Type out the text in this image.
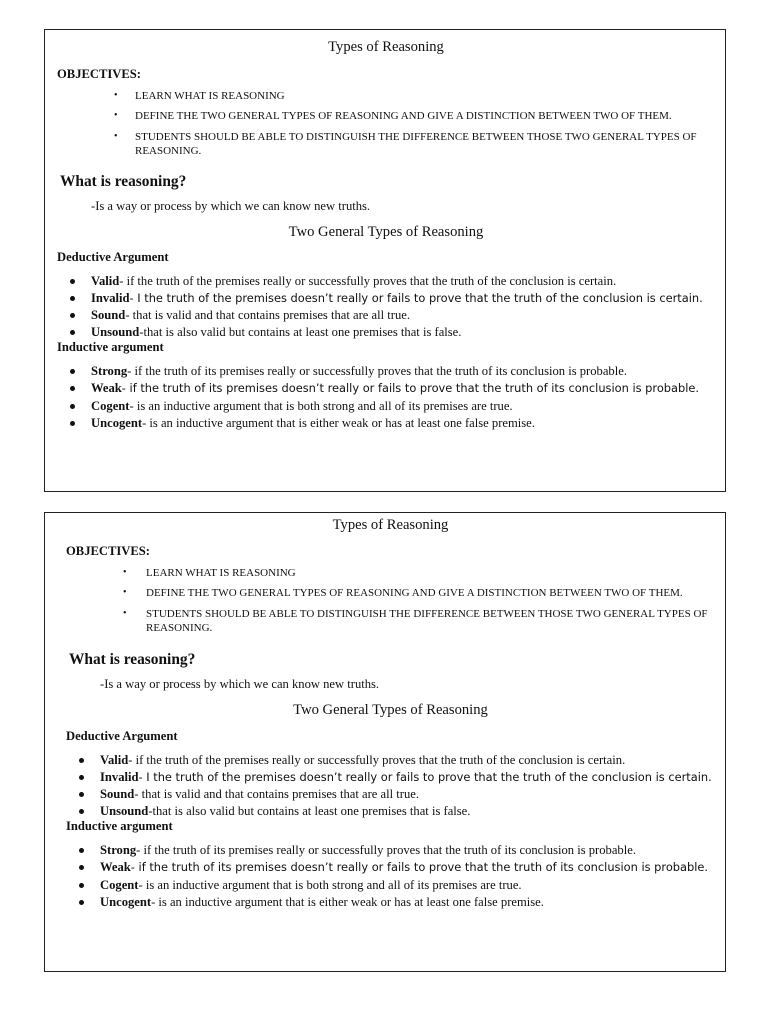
Types of Reasoning

OBJECTIVES:

• LEARN WHAT IS REASONING
• DEFINE THE TWO GENERAL TYPES OF REASONING AND GIVE A DISTINCTION BETWEEN TWO OF THEM.
• STUDENTS SHOULD BE ABLE TO DISTINGUISH THE DIFFERENCE BETWEEN THOSE TWO GENERAL TYPES OF REASONING.

What is reasoning?

-Is a way or process by which we can know new truths.

Two General Types of Reasoning

Deductive Argument

Valid- if the truth of the premises really or successfully proves that the truth of the conclusion is certain.
Invalid- I the truth of the premises doesn’t really or fails to prove that the truth of the conclusion is certain.
Sound- that is valid and that contains premises that are all true.
Unsound-that is also valid but contains at least one premises that is false.

Inductive argument

Strong- if the truth of its premises really or successfully proves that the truth of its conclusion is probable.
Weak- if the truth of its premises doesn’t really or fails to prove that the truth of its conclusion is probable.
Cogent- is an inductive argument that is both strong and all of its premises are true.
Uncogent- is an inductive argument that is either weak or has at least one false premise.

Types of Reasoning

OBJECTIVES:

• LEARN WHAT IS REASONING
• DEFINE THE TWO GENERAL TYPES OF REASONING AND GIVE A DISTINCTION BETWEEN TWO OF THEM.
• STUDENTS SHOULD BE ABLE TO DISTINGUISH THE DIFFERENCE BETWEEN THOSE TWO GENERAL TYPES OF REASONING.

What is reasoning?

-Is a way or process by which we can know new truths.

Two General Types of Reasoning

Deductive Argument

Valid- if the truth of the premises really or successfully proves that the truth of the conclusion is certain.
Invalid- I the truth of the premises doesn’t really or fails to prove that the truth of the conclusion is certain.
Sound- that is valid and that contains premises that are all true.
Unsound-that is also valid but contains at least one premises that is false.

Inductive argument

Strong- if the truth of its premises really or successfully proves that the truth of its conclusion is probable.
Weak- if the truth of its premises doesn’t really or fails to prove that the truth of its conclusion is probable.
Cogent- is an inductive argument that is both strong and all of its premises are true.
Uncogent- is an inductive argument that is either weak or has at least one false premise.
